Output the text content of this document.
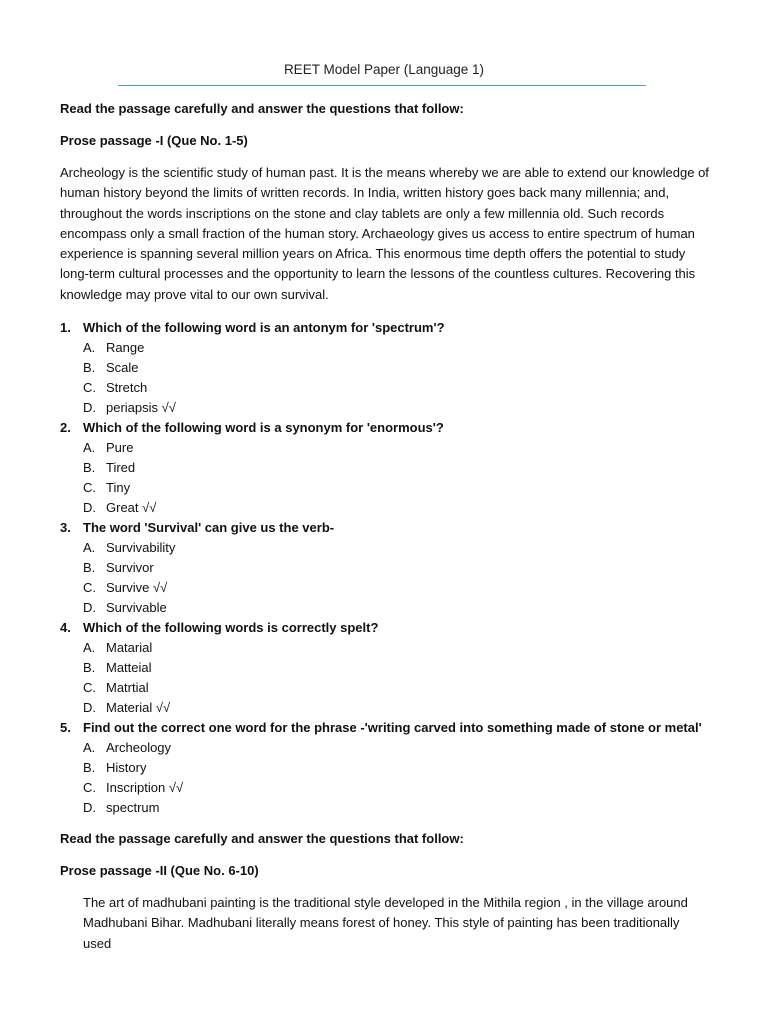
REET Model Paper (Language 1)

Read the passage carefully and answer the questions that follow:

Prose passage -I (Que No. 1-5)

Archeology is the scientific study of human past. It is the means whereby we are able to extend our knowledge of human history beyond the limits of written records. In India, written history goes back many millennia; and, throughout the words inscriptions on the stone and clay tablets are only a few millennia old. Such records encompass only a small fraction of the human story. Archaeology gives us access to entire spectrum of human experience is spanning several million years on Africa. This enormous time depth offers the potential to study long-term cultural processes and the opportunity to learn the lessons of the countless cultures. Recovering this knowledge may prove vital to our own survival.

1. Which of the following word is an antonym for 'spectrum'?
A. Range
B. Scale
C. Stretch
D. periapsis √√
2. Which of the following word is a synonym for 'enormous'?
A. Pure
B. Tired
C. Tiny
D. Great √√
3. The word 'Survival' can give us the verb-
A. Survivability
B. Survivor
C. Survive √√
D. Survivable
4. Which of the following words is correctly spelt?
A. Matarial
B. Matteial
C. Matrtial
D. Material √√
5. Find out the correct one word for the phrase -'writing carved into something made of stone or metal'
A. Archeology
B. History
C. Inscription √√
D. spectrum

Read the passage carefully and answer the questions that follow:

Prose passage -II (Que No. 6-10)

The art of madhubani painting is the traditional style developed in the Mithila region , in the village around Madhubani Bihar. Madhubani literally means forest of honey. This style of painting has been traditionally used
